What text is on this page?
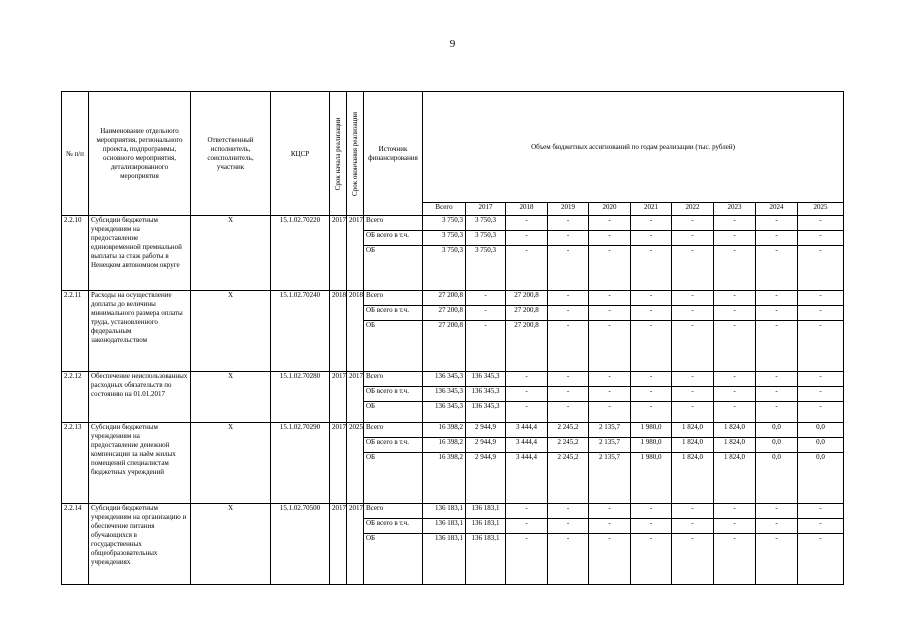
9
№ п/п	Наименование отдельного мероприятия, регионального проекта, подпрограммы, основного мероприятия, детализированного мероприятия	Ответственный исполнитель, соисполнитель, участник	КЦСР	Срок начала реализации	Срок окончания реализации	Источник финансирования	Объем бюджетных ассигнований по годам реализации (тыс. рублей)									
							Всего	2017	2018	2019	2020	2021	2022	2023	2024	2025
2.2.10	Субсидии бюджетным учреждениям на предоставление единовременной премиальной выплаты за стаж работы в Ненецком автономном округе	Х	15.1.02.70220	2017	2017	Всего	3 750,3	3 750,3	-	-	-	-	-	-	-	-
						ОБ всего в т.ч.	3 750,3	3 750,3	-	-	-	-	-	-	-	-
						ОБ	3 750,3	3 750,3	-	-	-	-	-	-	-	-
2.2.11	Расходы на осуществление доплаты до величины минимального размера оплаты труда, установленного федеральным законодательством	Х	15.1.02.70240	2018	2018	Всего	27 200,8	-	27 200,8	-	-	-	-	-	-	-
						ОБ всего в т.ч.	27 200,8	-	27 200,8	-	-	-	-	-	-	-
						ОБ	27 200,8	-	27 200,8	-	-	-	-	-	-	-
2.2.12	Обеспечение неиспользованных расходных обязательств по состоянию на 01.01.2017	Х	15.1.02.70280	2017	2017	Всего	136 345,3	136 345,3	-	-	-	-	-	-	-	-
						ОБ всего в т.ч.	136 345,3	136 345,3	-	-	-	-	-	-	-	-
						ОБ	136 345,3	136 345,3	-	-	-	-	-	-	-	-
2.2.13	Субсидии бюджетным учреждениям на предоставление денежной компенсации за наём жилых помещений специалистам бюджетных учреждений	Х	15.1.02.70290	2017	2025	Всего	16 398,2	2 944,9	3 444,4	2 245,2	2 135,7	1 980,0	1 824,0	1 824,0	0,0	0,0
						ОБ всего в т.ч.	16 398,2	2 944,9	3 444,4	2 245,2	2 135,7	1 980,0	1 824,0	1 824,0	0,0	0,0
						ОБ	16 398,2	2 944,9	3 444,4	2 245,2	2 135,7	1 980,0	1 824,0	1 824,0	0,0	0,0
2.2.14	Субсидии бюджетным учреждениям на организацию и обеспечение питания обучающихся в государственных общеобразовательных учреждениях	Х	15.1.02.70500	2017	2017	Всего	136 183,1	136 183,1	-	-	-	-	-	-	-	-
						ОБ всего в т.ч.	136 183,1	136 183,1	-	-	-	-	-	-	-	-
						ОБ	136 183,1	136 183,1	-	-	-	-	-	-	-	-
